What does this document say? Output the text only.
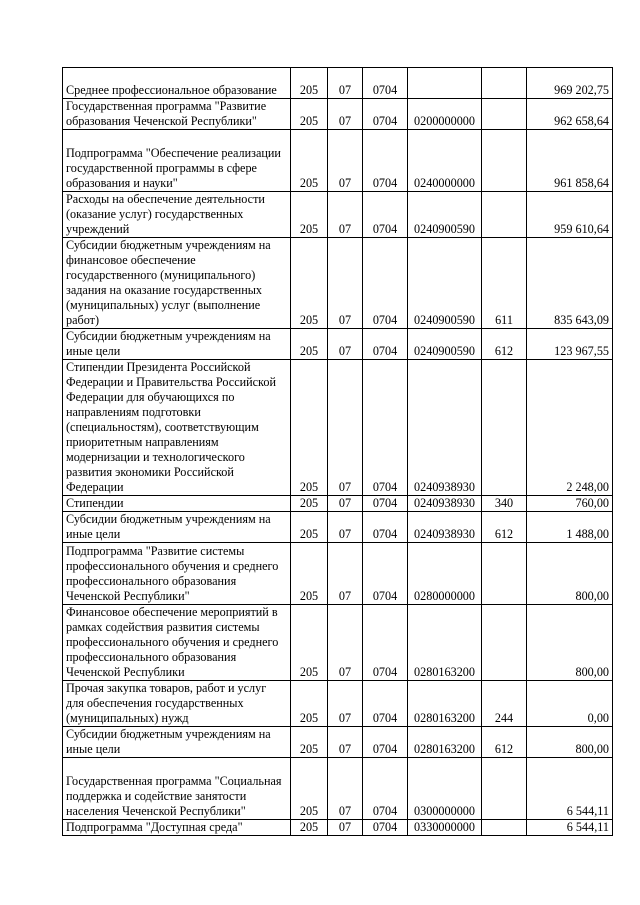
Среднее профессиональное образование	205	07	0704			969 202,75
Государственная программа "Развитие образования Чеченской Республики"	205	07	0704	0200000000		962 658,64
Подпрограмма "Обеспечение реализации государственной программы в сфере образования и науки"	205	07	0704	0240000000		961 858,64
Расходы на обеспечение деятельности (оказание услуг) государственных учреждений	205	07	0704	0240900590		959 610,64
Субсидии бюджетным учреждениям на финансовое обеспечение государственного (муниципального) задания на оказание государственных (муниципальных) услуг (выполнение работ)	205	07	0704	0240900590	611	835 643,09
Субсидии бюджетным учреждениям на иные цели	205	07	0704	0240900590	612	123 967,55
Стипендии Президента Российской Федерации и Правительства Российской Федерации для обучающихся по направлениям подготовки (специальностям), соответствующим приоритетным направлениям модернизации и технологического развития экономики Российской Федерации	205	07	0704	0240938930		2 248,00
Стипендии	205	07	0704	0240938930	340	760,00
Субсидии бюджетным учреждениям на иные цели	205	07	0704	0240938930	612	1 488,00
Подпрограмма "Развитие системы профессионального обучения и среднего профессионального образования Чеченской Республики"	205	07	0704	0280000000		800,00
Финансовое обеспечение мероприятий в рамках содействия развития системы профессионального обучения и среднего профессионального образования Чеченской Республики	205	07	0704	0280163200		800,00
Прочая закупка товаров, работ и услуг для обеспечения государственных (муниципальных) нужд	205	07	0704	0280163200	244	0,00
Субсидии бюджетным учреждениям на иные цели	205	07	0704	0280163200	612	800,00
Государственная программа "Социальная поддержка и содействие занятости населения Чеченской Республики"	205	07	0704	0300000000		6 544,11
Подпрограмма "Доступная среда"	205	07	0704	0330000000		6 544,11
